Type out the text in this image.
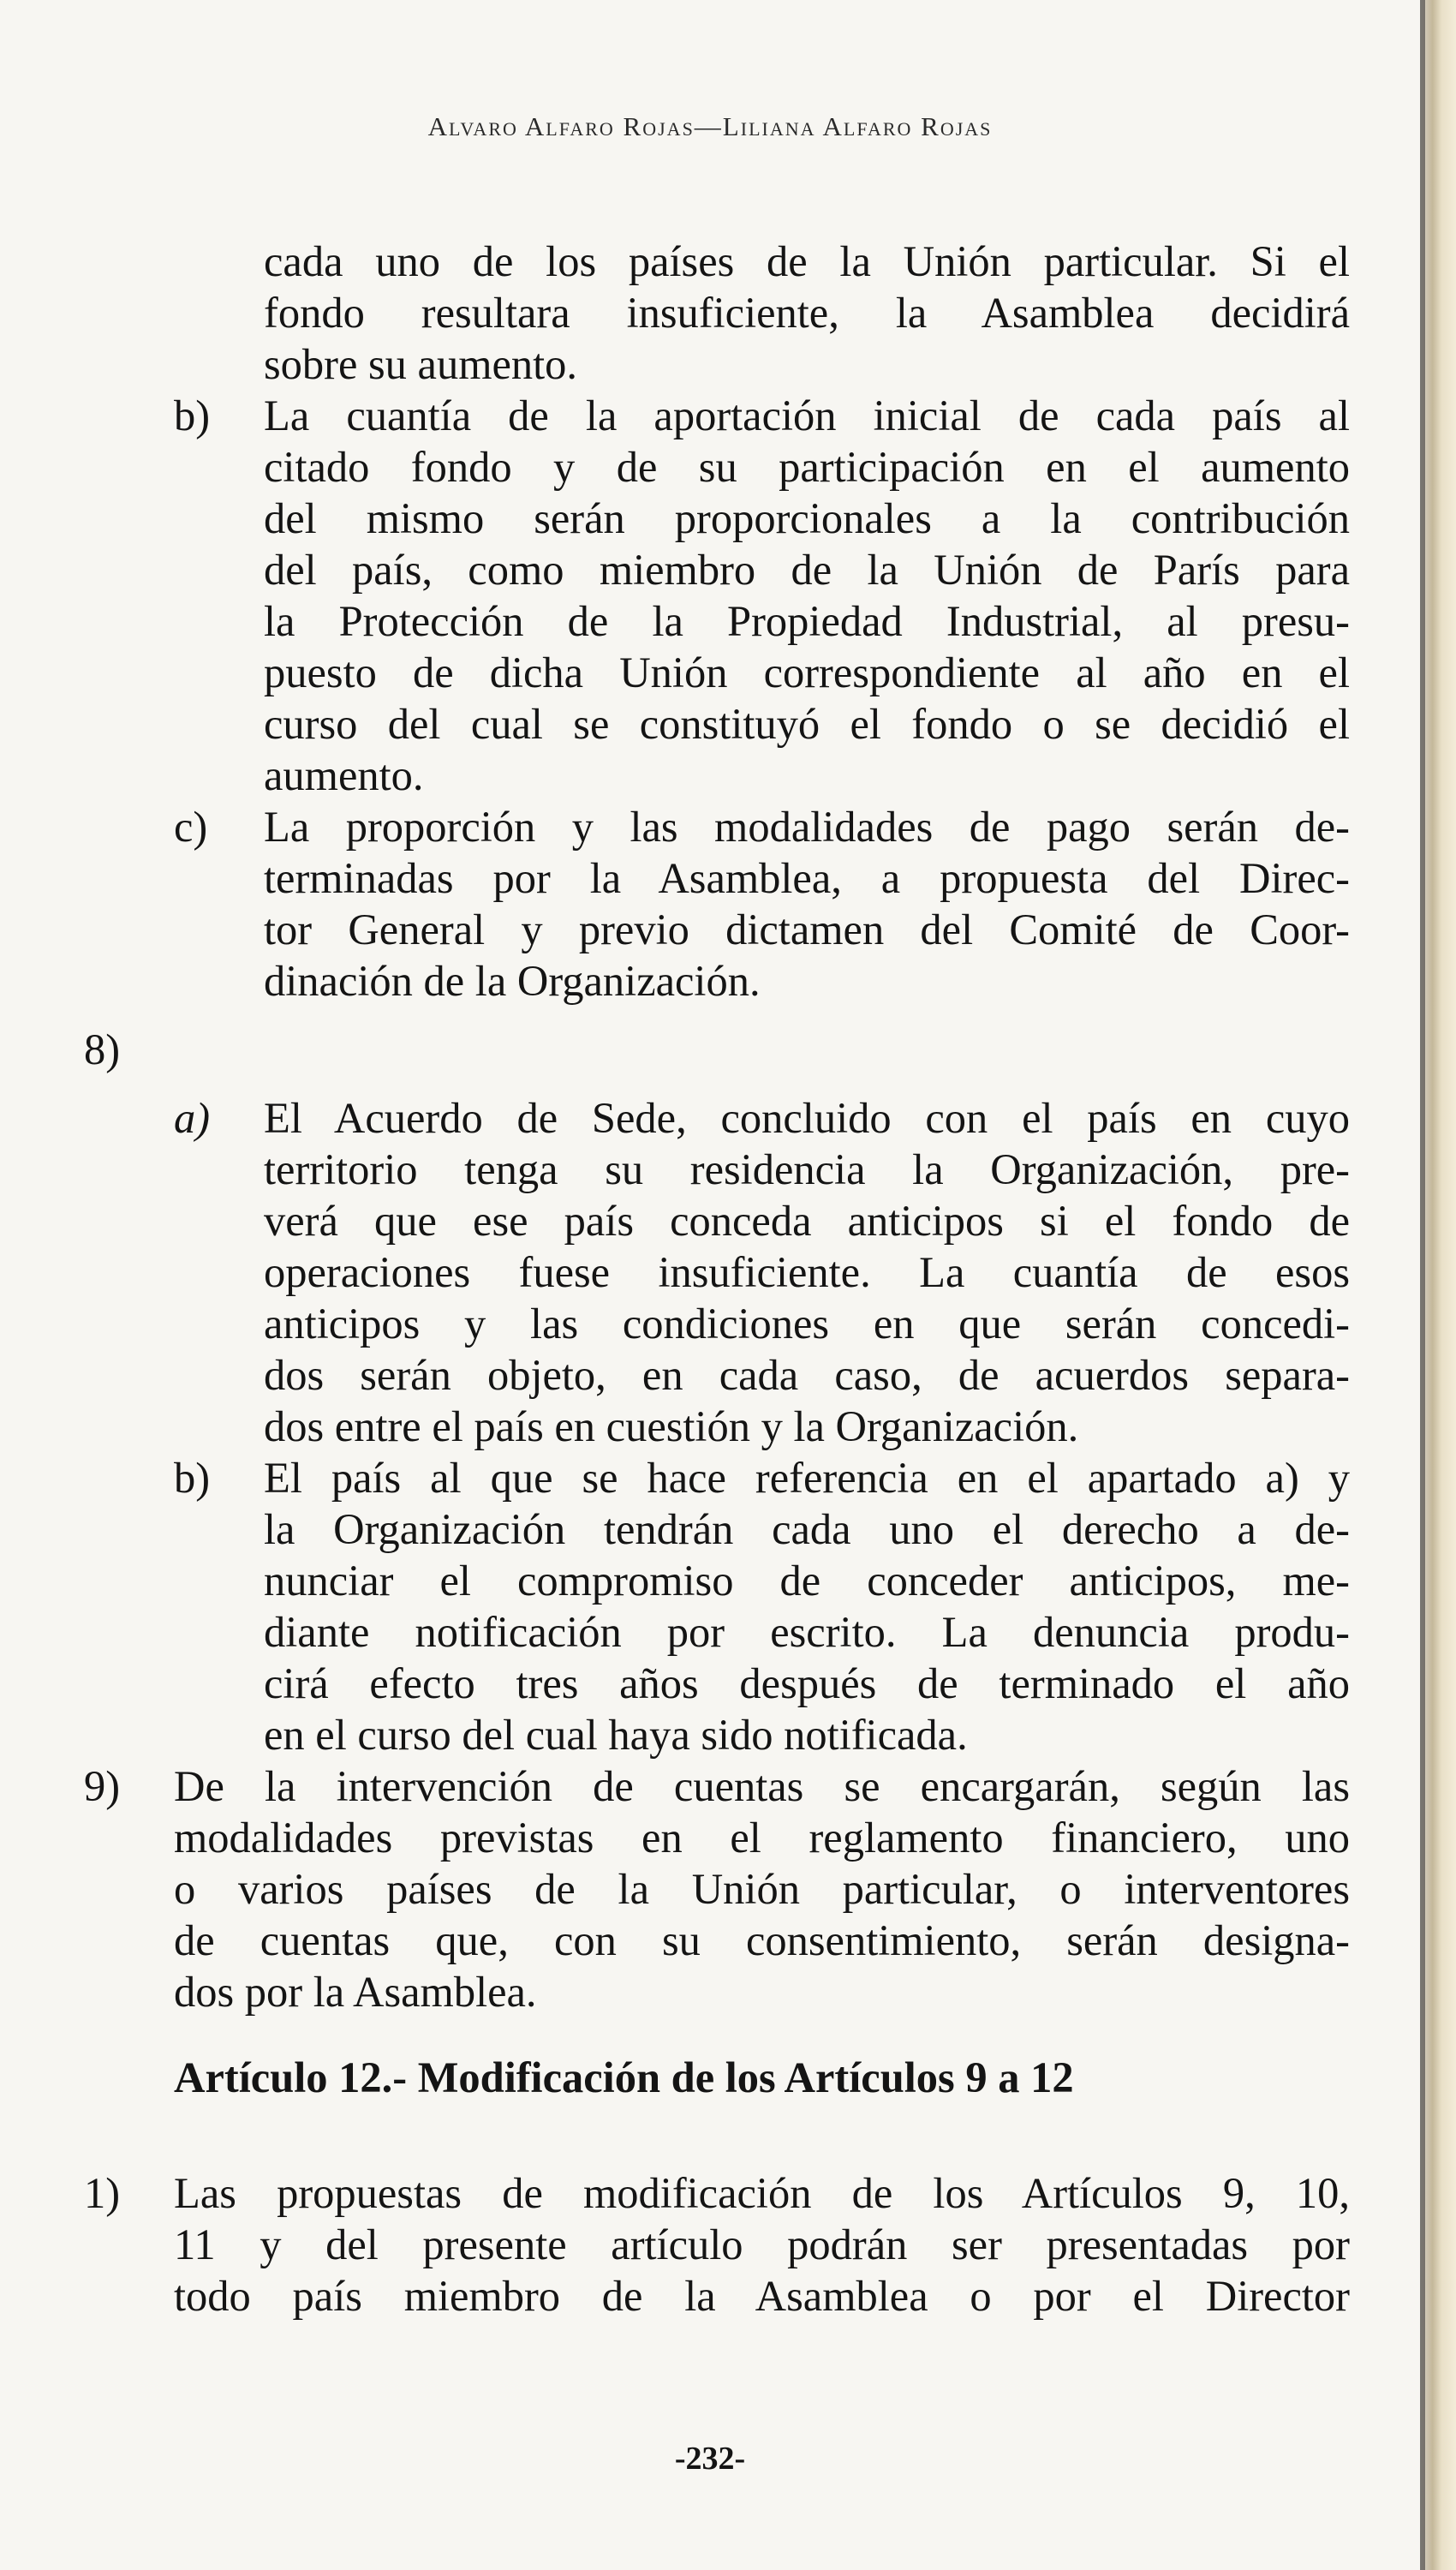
Alvaro Alfaro Rojas—Liliana Alfaro Rojas
cada uno de los países de la Unión particular. Si el
fondo resultara insuficiente, la Asamblea decidirá
sobre su aumento.
b) La cuantía de la aportación inicial de cada país al
citado fondo y de su participación en el aumento
del mismo serán proporcionales a la contribución
del país, como miembro de la Unión de París para
la Protección de la Propiedad Industrial, al presu-
puesto de dicha Unión correspondiente al año en el
curso del cual se constituyó el fondo o se decidió el
aumento.
c) La proporción y las modalidades de pago serán de-
terminadas por la Asamblea, a propuesta del Direc-
tor General y previo dictamen del Comité de Coor-
dinación de la Organización.
8)
a) El Acuerdo de Sede, concluido con el país en cuyo
territorio tenga su residencia la Organización, pre-
verá que ese país conceda anticipos si el fondo de
operaciones fuese insuficiente. La cuantía de esos
anticipos y las condiciones en que serán concedi-
dos serán objeto, en cada caso, de acuerdos separa-
dos entre el país en cuestión y la Organización.
b) El país al que se hace referencia en el apartado a) y
la Organización tendrán cada uno el derecho a de-
nunciar el compromiso de conceder anticipos, me-
diante notificación por escrito. La denuncia produ-
cirá efecto tres años después de terminado el año
en el curso del cual haya sido notificada.
9) De la intervención de cuentas se encargarán, según las
modalidades previstas en el reglamento financiero, uno
o varios países de la Unión particular, o interventores
de cuentas que, con su consentimiento, serán designa-
dos por la Asamblea.
Artículo 12.- Modificación de los Artículos 9 a 12
1) Las propuestas de modificación de los Artículos 9, 10,
11 y del presente artículo podrán ser presentadas por
todo país miembro de la Asamblea o por el Director
-232-
